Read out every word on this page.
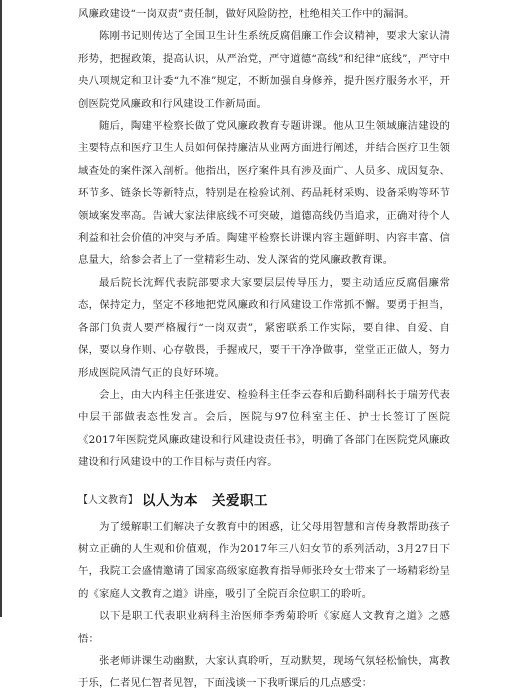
风廉政建设“一岗双责”责任制，做好风险防控，杜绝相关工作中的漏洞。

陈刚书记则传达了全国卫生计生系统反腐倡廉工作会议精神，要求大家认清形势，把握政策，提高认识，从严治党，严守道德“高线”和纪律“底线”，严守中央八项规定和卫计委“九不准”规定，不断加强自身修养，提升医疗服务水平，开创医院党风廉政和行风建设工作新局面。

随后，陶建平检察长做了党风廉政教育专题讲课。他从卫生领域廉洁建设的主要特点和医疗卫生人员如何保持廉洁从业两方面进行阐述，并结合医疗卫生领域查处的案件深入剖析。他指出，医疗案件具有涉及面广、人员多、成因复杂、环节多、链条长等新特点，特别是在检验试剂、药品耗材采购、设备采购等环节领域案发率高。告诫大家法律底线不可突破，道德高线仍当追求，正确对待个人利益和社会价值的冲突与矛盾。陶建平检察长讲课内容主题鲜明、内容丰富、信息量大，给参会者上了一堂精彩生动、发人深省的党风廉政教育课。

最后院长沈辉代表院部要求大家要层层传导压力，要主动适应反腐倡廉常态，保持定力，坚定不移地把党风廉政和行风建设工作常抓不懈。要勇于担当，各部门负责人要严格履行“一岗双责”，紧密联系工作实际，要自律、自爱、自保，要以身作则、心存敬畏，手握戒尺，要干干净净做事，堂堂正正做人，努力形成医院风清气正的良好环境。

会上，由大内科主任张进安、检验科主任李云春和后勤科副科长于瑞芳代表中层干部做表态性发言。会后，医院与97位科室主任、护士长签订了医院《2017年医院党风廉政建设和行风建设责任书》，明确了各部门在医院党风廉政建设和行风建设中的工作目标与责任内容。

【人文教育】 以人为本　关爱职工

为了缓解职工们解决子女教育中的困惑，让父母用智慧和言传身教帮助孩子树立正确的人生观和价值观，作为2017年三八妇女节的系列活动，3月27日下午，我院工会盛情邀请了国家高级家庭教育指导师张玲女士带来了一场精彩纷呈的《家庭人文教育之道》讲座，吸引了全院百余位职工的聆听。

以下是职工代表职业病科主治医师李秀菊聆听《家庭人文教育之道》之感悟：

张老师讲课生动幽默，大家认真聆听，互动默契，现场气氛轻松愉快，寓教于乐，仁者见仁智者见智，下面浅谈一下我听课后的几点感受：
